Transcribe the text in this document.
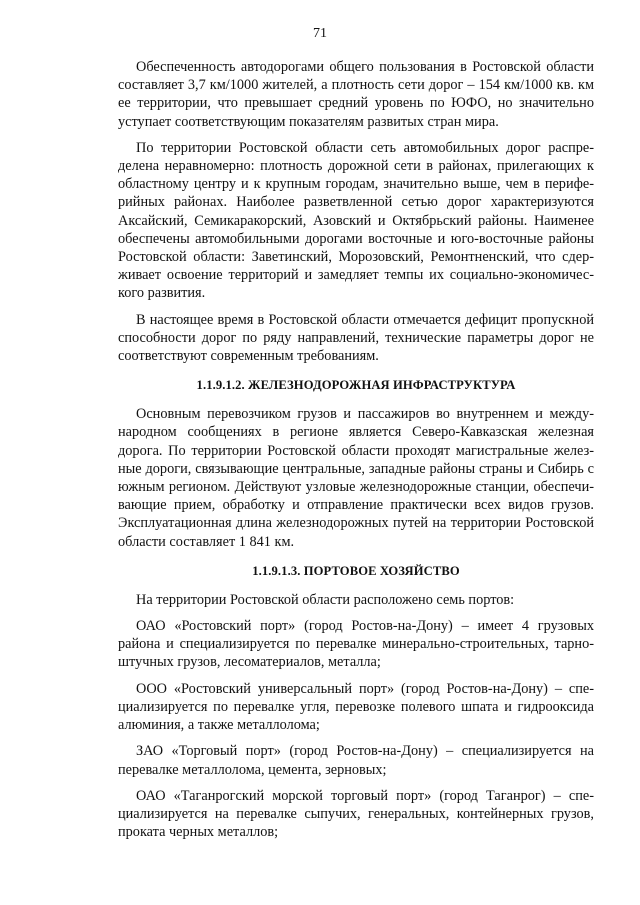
71

Обеспеченность автодорогами общего пользования в Ростовской области составляет 3,7 км/1000 жителей, а плотность сети дорог – 154 км/1000 кв. км ее территории, что превышает средний уровень по ЮФО, но значительно уступает соответствующим показателям развитых стран мира.

По территории Ростовской области сеть автомобильных дорог распределена неравномерно: плотность дорожной сети в районах, прилегающих к областному центру и к крупным городам, значительно выше, чем в периферийных районах. Наиболее разветвленной сетью дорог характеризуются Аксайский, Семикаракорский, Азовский и Октябрьский районы. Наименее обеспечены автомобильными дорогами восточные и юго-восточные районы Ростовской области: Заветинский, Морозовский, Ремонтненский, что сдерживает освоение территорий и замедляет темпы их социально-экономического развития.

В настоящее время в Ростовской области отмечается дефицит пропускной способности дорог по ряду направлений, технические параметры дорог не соответствуют современным требованиям.

1.1.9.1.2. ЖЕЛЕЗНОДОРОЖНАЯ ИНФРАСТРУКТУРА

Основным перевозчиком грузов и пассажиров во внутреннем и международном сообщениях в регионе является Северо-Кавказская железная дорога. По территории Ростовской области проходят магистральные железные дороги, связывающие центральные, западные районы страны и Сибирь с южным регионом. Действуют узловые железнодорожные станции, обеспечивающие прием, обработку и отправление практически всех видов грузов. Эксплуатационная длина железнодорожных путей на территории Ростовской области составляет 1 841 км.

1.1.9.1.3. ПОРТОВОЕ ХОЗЯЙСТВО

На территории Ростовской области расположено семь портов:

ОАО «Ростовский порт» (город Ростов-на-Дону) – имеет 4 грузовых района и специализируется по перевалке минерально-строительных, тарно-штучных грузов, лесоматериалов, металла;

ООО «Ростовский универсальный порт» (город Ростов-на-Дону) – специализируется по перевалке угля, перевозке полевого шпата и гидрооксида алюминия, а также металлолома;

ЗАО «Торговый порт» (город Ростов-на-Дону) – специализируется на перевалке металлолома, цемента, зерновых;

ОАО «Таганрогский морской торговый порт» (город Таганрог) – специализируется на перевалке сыпучих, генеральных, контейнерных грузов, проката черных металлов;
